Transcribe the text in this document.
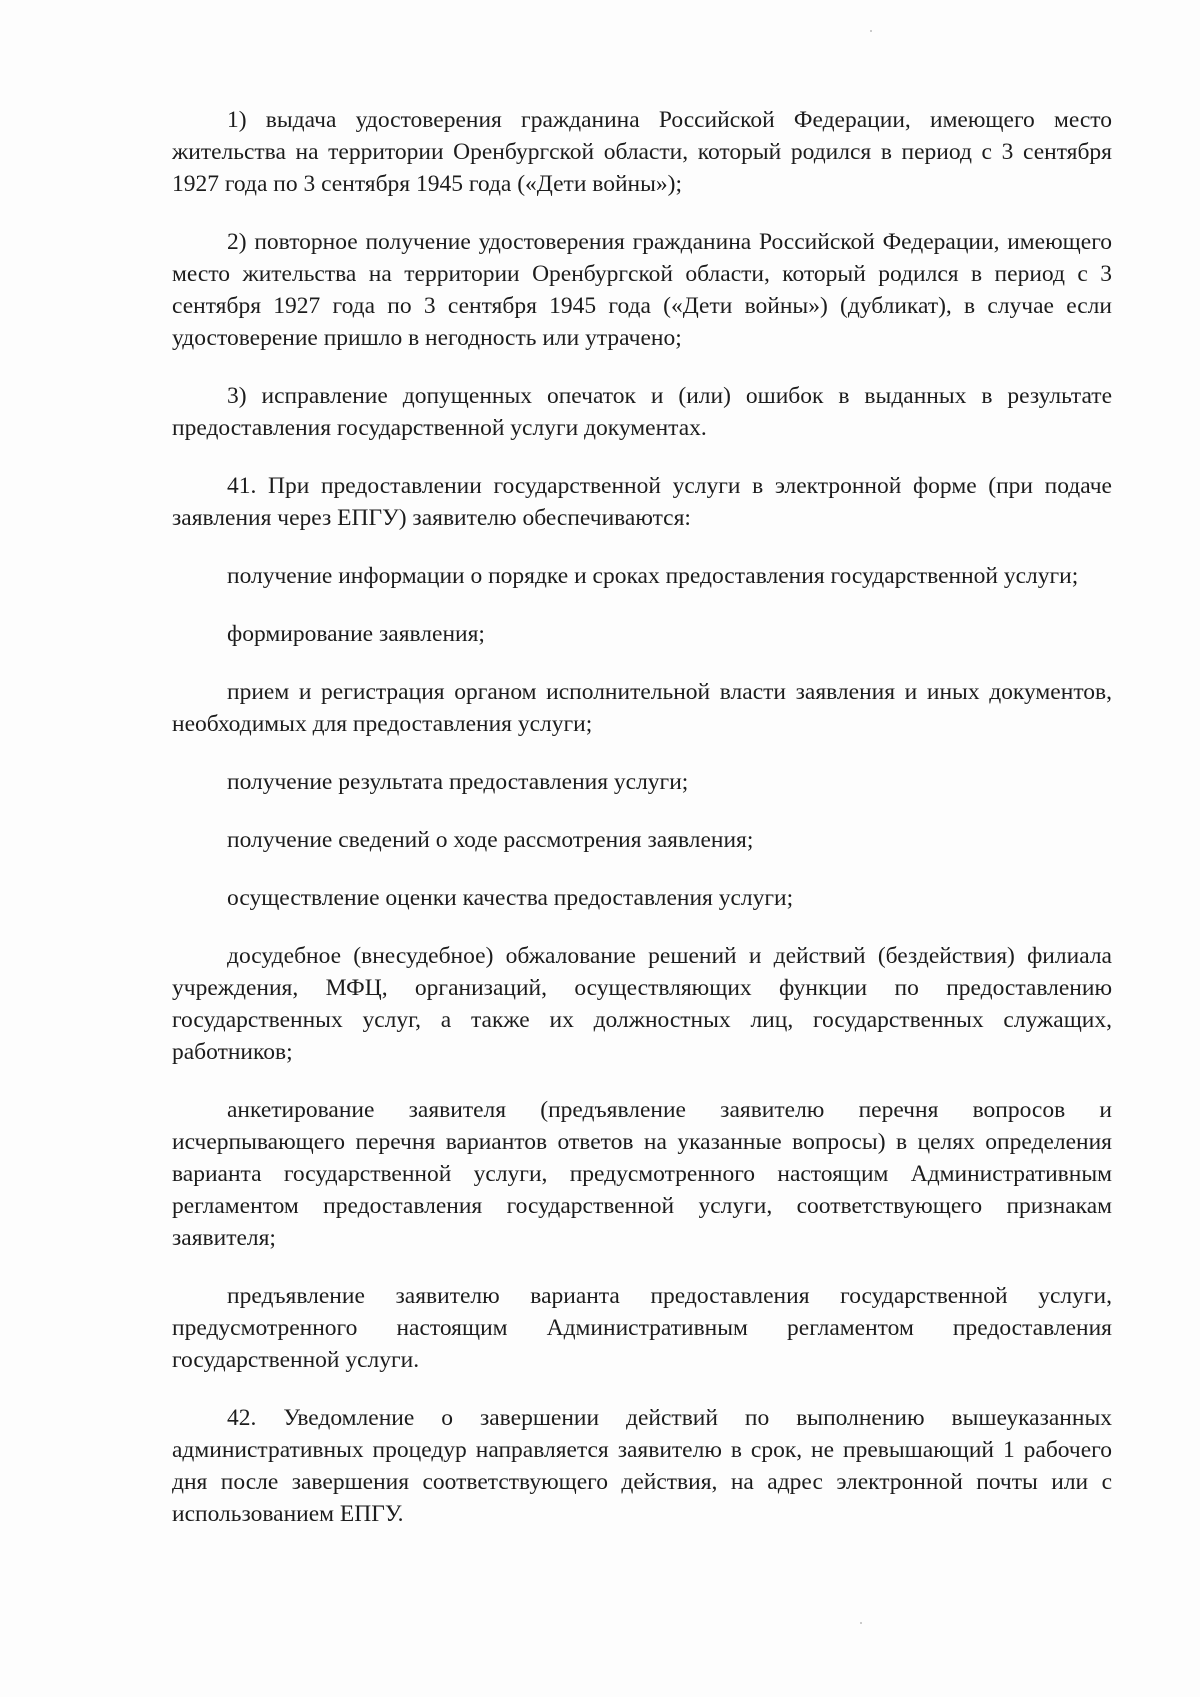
1) выдача удостоверения гражданина Российской Федерации, имеющего место жительства на территории Оренбургской области, который родился в период с 3 сентября 1927 года по 3 сентября 1945 года («Дети войны»);

2) повторное получение удостоверения гражданина Российской Федерации, имеющего место жительства на территории Оренбургской области, который родился в период с 3 сентября 1927 года по 3 сентября 1945 года («Дети войны») (дубликат), в случае если удостоверение пришло в негодность или утрачено;

3) исправление допущенных опечаток и (или) ошибок в выданных в результате предоставления государственной услуги документах.

41. При предоставлении государственной услуги в электронной форме (при подаче заявления через ЕПГУ) заявителю обеспечиваются:

получение информации о порядке и сроках предоставления государственной услуги;

формирование заявления;

прием и регистрация органом исполнительной власти заявления и иных документов, необходимых для предоставления услуги;

получение результата предоставления услуги;

получение сведений о ходе рассмотрения заявления;

осуществление оценки качества предоставления услуги;

досудебное (внесудебное) обжалование решений и действий (бездействия) филиала учреждения, МФЦ, организаций, осуществляющих функции по предоставлению государственных услуг, а также их должностных лиц, государственных служащих, работников;

анкетирование заявителя (предъявление заявителю перечня вопросов и исчерпывающего перечня вариантов ответов на указанные вопросы) в целях определения варианта государственной услуги, предусмотренного настоящим Административным регламентом предоставления государственной услуги, соответствующего признакам заявителя;

предъявление заявителю варианта предоставления государственной услуги, предусмотренного настоящим Административным регламентом предоставления государственной услуги.

42. Уведомление о завершении действий по выполнению вышеуказанных административных процедур направляется заявителю в срок, не превышающий 1 рабочего дня после завершения соответствующего действия, на адрес электронной почты или с использованием ЕПГУ.
